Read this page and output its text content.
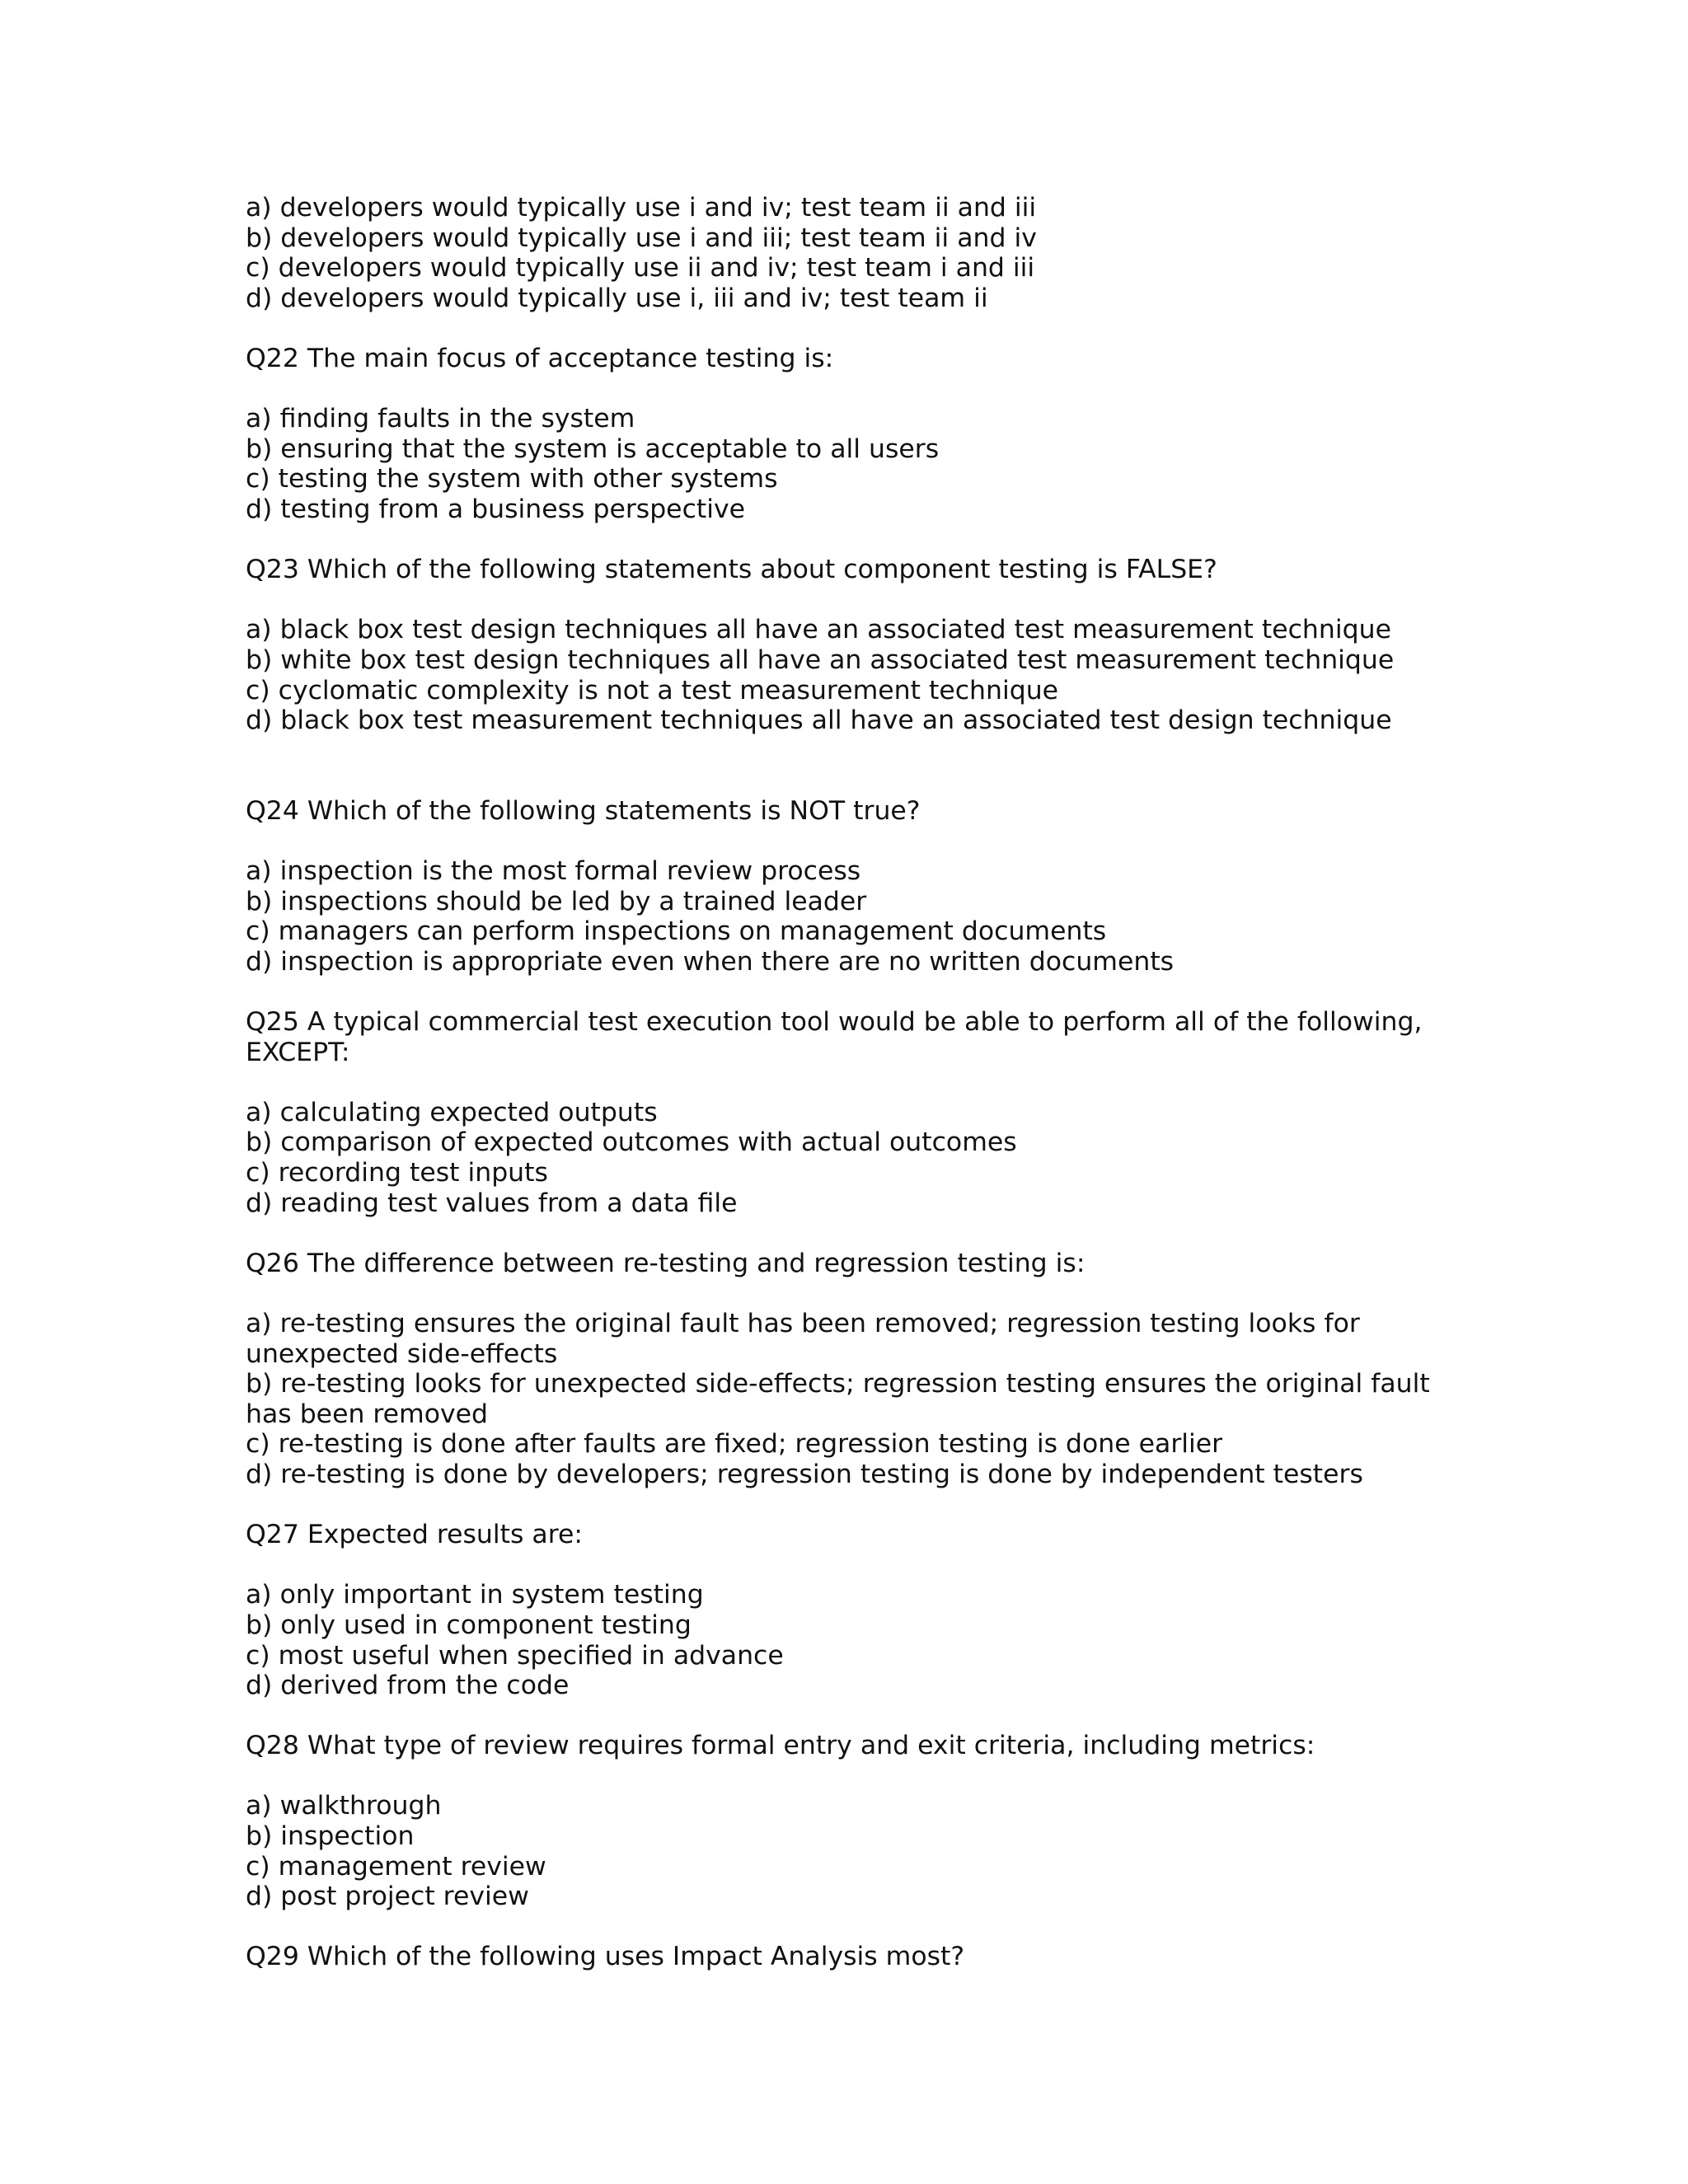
a) developers would typically use i and iv; test team ii and iii
b) developers would typically use i and iii; test team ii and iv
c) developers would typically use ii and iv; test team i and iii
d) developers would typically use i, iii and iv; test team ii
Q22 The main focus of acceptance testing is:
a) finding faults in the system
b) ensuring that the system is acceptable to all users
c) testing the system with other systems
d) testing from a business perspective
Q23 Which of the following statements about component testing is FALSE?
a) black box test design techniques all have an associated test measurement technique
b) white box test design techniques all have an associated test measurement technique
c) cyclomatic complexity is not a test measurement technique
d) black box test measurement techniques all have an associated test design technique
Q24 Which of the following statements is NOT true?
a) inspection is the most formal review process
b) inspections should be led by a trained leader
c) managers can perform inspections on management documents
d) inspection is appropriate even when there are no written documents
Q25 A typical commercial test execution tool would be able to perform all of the following,
EXCEPT:
a) calculating expected outputs
b) comparison of expected outcomes with actual outcomes
c) recording test inputs
d) reading test values from a data file
Q26 The difference between re-testing and regression testing is:
a) re-testing ensures the original fault has been removed; regression testing looks for
unexpected side-effects
b) re-testing looks for unexpected side-effects; regression testing ensures the original fault
has been removed
c) re-testing is done after faults are fixed; regression testing is done earlier
d) re-testing is done by developers; regression testing is done by independent testers
Q27 Expected results are:
a) only important in system testing
b) only used in component testing
c) most useful when specified in advance
d) derived from the code
Q28 What type of review requires formal entry and exit criteria, including metrics:
a) walkthrough
b) inspection
c) management review
d) post project review
Q29 Which of the following uses Impact Analysis most?
